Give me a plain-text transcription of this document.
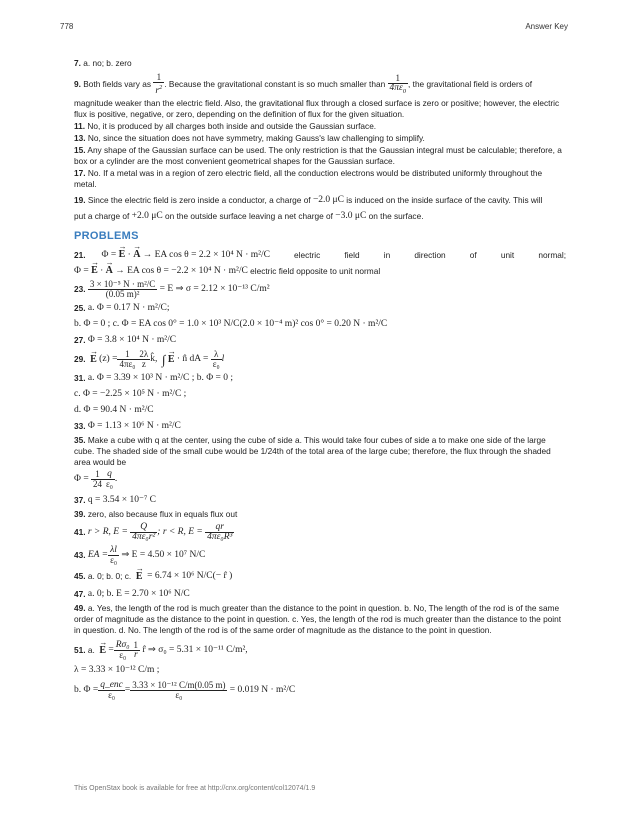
778	Answer Key
7. a. no; b. zero
9.
Both fields vary as
$\frac{1}{r^2}$ . Because the gravitational constant is so much smaller than
$\frac{1}{4\pi\varepsilon_0}$ , the gravitational field is orders of
magnitude weaker than the electric field. Also, the gravitational flux through a closed surface is zero or positive; however, the electric flux is positive, negative, or zero, depending on the definition of flux for the given situation.
11. No, it is produced by all charges both inside and outside the Gaussian surface.
13. No, since the situation does not have symmetry, making Gauss's law challenging to simplify.
15. Any shape of the Gaussian surface can be used. The only restriction is that the Gaussian integral must be calculable; therefore, a box or a cylinder are the most convenient geometrical shapes for the Gaussian surface.
17. No. If a metal was in a region of zero electric field, all the conduction electrons would be distributed uniformly throughout the metal.
19.
Since the electric field is zero inside a conductor, a charge of
−2.0 μC
is induced on the inside surface of the cavity. This will
put a charge of
+2.0 μC
on the outside surface leaving a net charge of
−3.0 μC
on the surface.
PROBLEMS
21. Φ = → E · → A
→ EA cos θ = 2.2 × 10⁴ N · m²/C	electric	field	in	direction	of	unit	normal;
Φ = → E · → A
→ EA cos θ = −2.2 × 10⁴ N · m²/C
electric field opposite to unit normal
23.
$\frac{\text{3 × 10⁻⁵ N · m²/C}}{\text{(0.05 m)²}}$
= E ⇒ σ = 2.12 × 10⁻¹³ C/m²
25.
a. Φ = 0.17 N · m²/C;
b. Φ = 0 ; c. Φ = EA cos 0° = 1.0 × 10³ N/C(2.0 × 10⁻⁴ m)² cos 0° = 0.20 N · m²/C
27.
Φ = 3.8 × 10⁴ N · m²/C
29.
→ E
$(z) = \frac{1}{\text{4πε₀}} \frac{2\lambda}{z}$ k̂,
∫
→ E
· n̂ dA =
$\frac{\lambda}{\text{ε₀}}$ l
31.
a. Φ = 3.39 × 10³ N · m²/C ; b. Φ = 0 ;
c. Φ = −2.25 × 10⁵ N · m²/C ;
d. Φ = 90.4 N · m²/C
33.
Φ = 1.13 × 10⁶ N · m²/C
35. Make a cube with q at the center, using the cube of side a. This would take four cubes of side a to make one side of the large cube. The shaded side of the small cube would be 1/24th of the total area of the large cube; therefore, the flux through the shaded area would be
Φ =
$\frac{1}{24} \frac{q}{\text{ε₀}}$ .
37.
q = 3.54 × 10⁻⁷ C
39. zero, also because flux in equals flux out
41.
r > R, E =
$\frac{Q}{\text{4πε₀r²}}$ ; r < R, E =
$\frac{qr}{\text{4πε₀R³}}$
43.
EA = $\frac{\lambda l}{\text{ε₀}}$
⇒ E = 4.50 × 10⁷ N/C
45.
a. 0; b. 0; c.
→ E
= 6.74 × 10⁶ N/C(− r̂ )
47.
a. 0; b. E = 2.70 × 10⁶ N/C
49. a. Yes, the length of the rod is much greater than the distance to the point in question. b. No, The length of the rod is of the same order of magnitude as the distance to the point in question. c. Yes, the length of the rod is much greater than the distance to the point in question. d. No. The length of the rod is of the same order of magnitude as the distance to the point in question.
51.
a.
→ E
= $\frac{\text{Rσ₀}}{\text{ε₀}} \frac{1}{r}$
r̂ ⇒ σ₀ = 5.31 × 10⁻¹¹ C/m²,
λ = 3.33 × 10⁻¹² C/m ;
b. $\Phi = \frac{\text{q\_enc}}{\text{ε₀}} = \frac{\text{3.33 × 10⁻¹² C/m(0.05 m)}}{\text{ε₀}}$
= 0.019 N · m²/C
This OpenStax book is available for free at http://cnx.org/content/col12074/1.9
